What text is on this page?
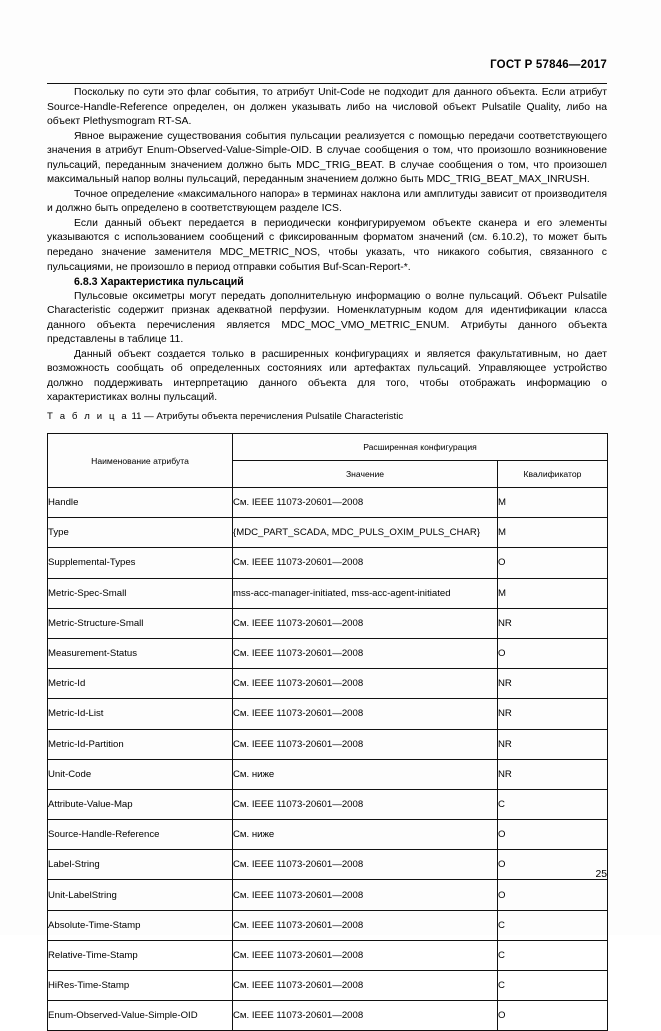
ГОСТ Р 57846—2017

Поскольку по сути это флаг события, то атрибут Unit-Code не подходит для данного объекта. Если атрибут Source-Handle-Reference определен, он должен указывать либо на числовой объект Pulsatile Quality, либо на объект Plethysmogram RT-SA.

Явное выражение существования события пульсации реализуется с помощью передачи соответствующего значения в атрибут Enum-Observed-Value-Simple-OID. В случае сообщения о том, что произошло возникновение пульсаций, переданным значением должно быть MDC_TRIG_BEAT. В случае сообщения о том, что произошел максимальный напор волны пульсаций, переданным значением должно быть MDC_TRIG_BEAT_MAX_INRUSH.

Точное определение «максимального напора» в терминах наклона или амплитуды зависит от производителя и должно быть определено в соответствующем разделе ICS.

Если данный объект передается в периодически конфигурируемом объекте сканера и его элементы указываются с использованием сообщений с фиксированным форматом значений (см. 6.10.2), то может быть передано значение заменителя MDC_METRIC_NOS, чтобы указать, что никакого события, связанного с пульсациями, не произошло в период отправки события Buf-Scan-Report-*.

6.8.3 Характеристика пульсаций

Пульсовые оксиметры могут передать дополнительную информацию о волне пульсаций. Объект Pulsatile Characteristic содержит признак адекватной перфузии. Номенклатурным кодом для идентификации класса данного объекта перечисления является MDC_MOC_VMO_METRIC_ENUM. Атрибуты данного объекта представлены в таблице 11.

Данный объект создается только в расширенных конфигурациях и является факультативным, но дает возможность сообщать об определенных состояниях или артефактах пульсаций. Управляющее устройство должно поддерживать интерпретацию данного объекта для того, чтобы отображать информацию о характеристиках волны пульсаций.

Т а б л и ц а 11 — Атрибуты объекта перечисления Pulsatile Characteristic
Наименование атрибута	Расширенная конфигурация	
	Значение	Квалификатор
Handle	См. IEEE 11073-20601—2008	M
Type	{MDC_PART_SCADA, MDC_PULS_OXIM_PULS_CHAR}	M
Supplemental-Types	См. IEEE 11073-20601—2008	O
Metric-Spec-Small	mss-acc-manager-initiated, mss-acc-agent-initiated	M
Metric-Structure-Small	См. IEEE 11073-20601—2008	NR
Measurement-Status	См. IEEE 11073-20601—2008	O
Metric-Id	См. IEEE 11073-20601—2008	NR
Metric-Id-List	См. IEEE 11073-20601—2008	NR
Metric-Id-Partition	См. IEEE 11073-20601—2008	NR
Unit-Code	См. ниже	NR
Attribute-Value-Map	См. IEEE 11073-20601—2008	C
Source-Handle-Reference	См. ниже	O
Label-String	См. IEEE 11073-20601—2008	O
Unit-LabelString	См. IEEE 11073-20601—2008	O
Absolute-Time-Stamp	См. IEEE 11073-20601—2008	C
Relative-Time-Stamp	См. IEEE 11073-20601—2008	C
HiRes-Time-Stamp	См. IEEE 11073-20601—2008	C
Enum-Observed-Value-Simple-OID	См. IEEE 11073-20601—2008	O
25
